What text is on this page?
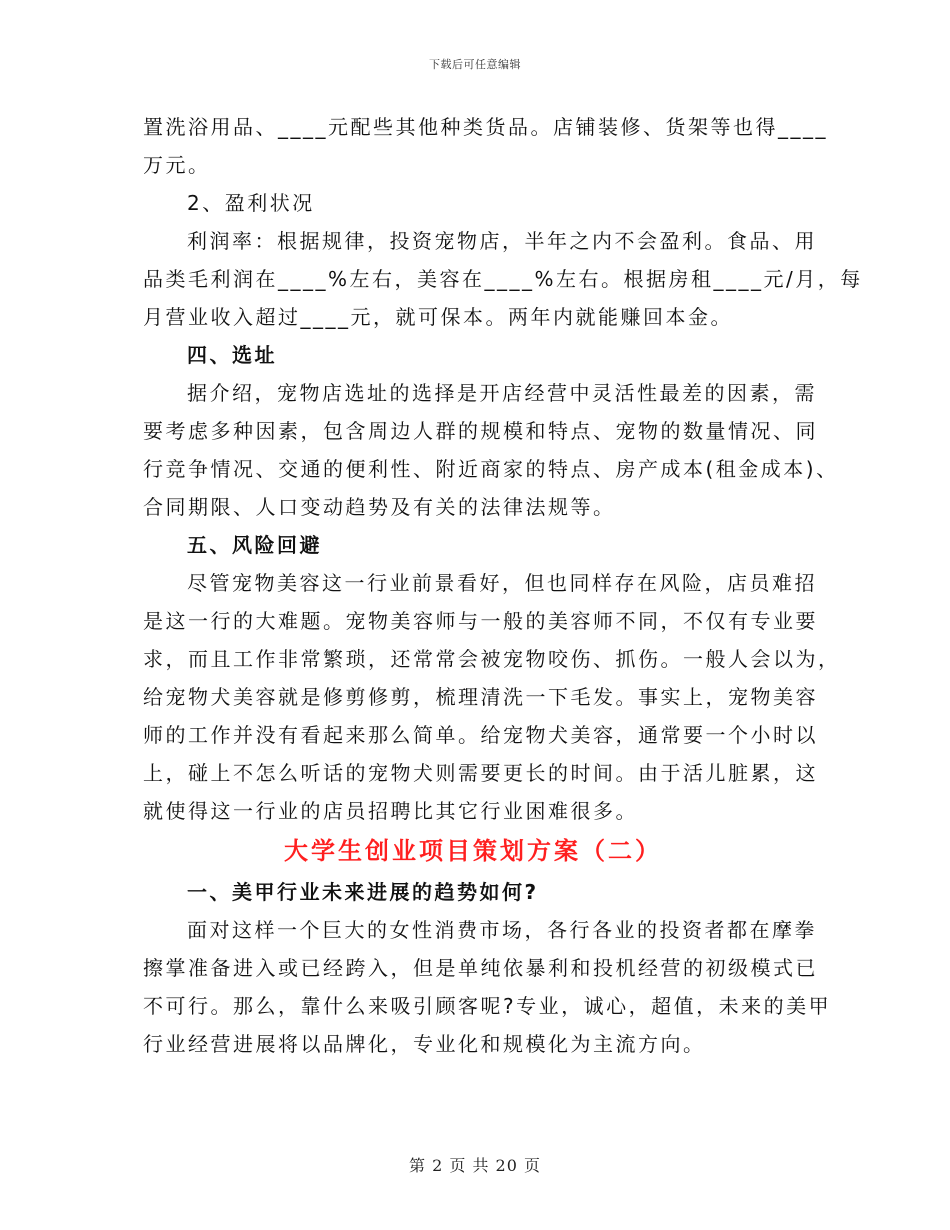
下载后可任意编辑
置洗浴用品、____元配些其他种类货品。店铺装修、货架等也得____
万元。
2、盈利状况
利润率：根据规律，投资宠物店，半年之内不会盈利。食品、用
品类毛利润在____%左右，美容在____%左右。根据房租____元/月，每
月营业收入超过____元，就可保本。两年内就能赚回本金。
四、选址
据介绍，宠物店选址的选择是开店经营中灵活性最差的因素，需
要考虑多种因素，包含周边人群的规模和特点、宠物的数量情况、同
行竞争情况、交通的便利性、附近商家的特点、房产成本(租金成本)、
合同期限、人口变动趋势及有关的法律法规等。
五、风险回避
尽管宠物美容这一行业前景看好，但也同样存在风险，店员难招
是这一行的大难题。宠物美容师与一般的美容师不同，不仅有专业要
求，而且工作非常繁琐，还常常会被宠物咬伤、抓伤。一般人会以为，
给宠物犬美容就是修剪修剪，梳理清洗一下毛发。事实上，宠物美容
师的工作并没有看起来那么简单。给宠物犬美容，通常要一个小时以
上，碰上不怎么听话的宠物犬则需要更长的时间。由于活儿脏累，这
就使得这一行业的店员招聘比其它行业困难很多。
大学生创业项目策划方案（二）
一、美甲行业未来进展的趋势如何?
面对这样一个巨大的女性消费市场，各行各业的投资者都在摩拳
擦掌准备进入或已经跨入，但是单纯依暴利和投机经营的初级模式已
不可行。那么，靠什么来吸引顾客呢?专业，诚心，超值，未来的美甲
行业经营进展将以品牌化，专业化和规模化为主流方向。
第 2 页 共 20 页
